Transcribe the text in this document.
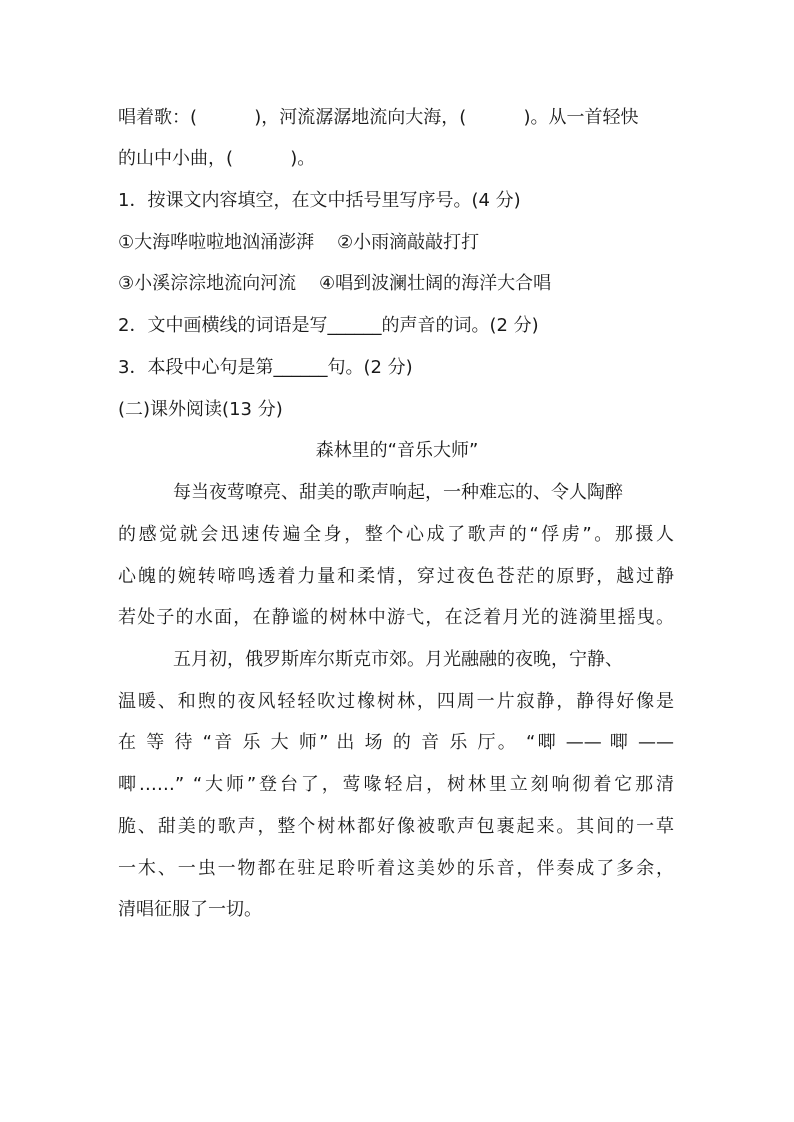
唱着歌：(          )，河流潺潺地流向大海，(          )。从一首轻快
的山中小曲，(          )。
1．按课文内容填空，在文中括号里写序号。(4 分)
①大海哗啦啦地汹涌澎湃    ②小雨滴敲敲打打
③小溪淙淙地流向河流    ④唱到波澜壮阔的海洋大合唱
2．文中画横线的词语是写______的声音的词。(2 分)
3．本段中心句是第______句。(2 分)
(二)课外阅读(13 分)
森林里的“音乐大师”
每当夜莺嘹亮、甜美的歌声响起，一种难忘的、令人陶醉
的感觉就会迅速传遍全身，整个心成了歌声的“俘虏”。那摄人
心魄的婉转啼鸣透着力量和柔情，穿过夜色苍茫的原野，越过静
若处子的水面，在静谧的树林中游弋，在泛着月光的涟漪里摇曳。
五月初，俄罗斯库尔斯克市郊。月光融融的夜晚，宁静、
温暖、和煦的夜风轻轻吹过橡树林，四周一片寂静，静得好像是
在 等 待 “音 乐 大 师” 出 场 的 音 乐 厅。 “唧 —— 唧 ——
唧……” “大师”登台了，莺喙轻启，树林里立刻响彻着它那清
脆、甜美的歌声，整个树林都好像被歌声包裹起来。其间的一草
一木、一虫一物都在驻足聆听着这美妙的乐音，伴奏成了多余，
清唱征服了一切。
